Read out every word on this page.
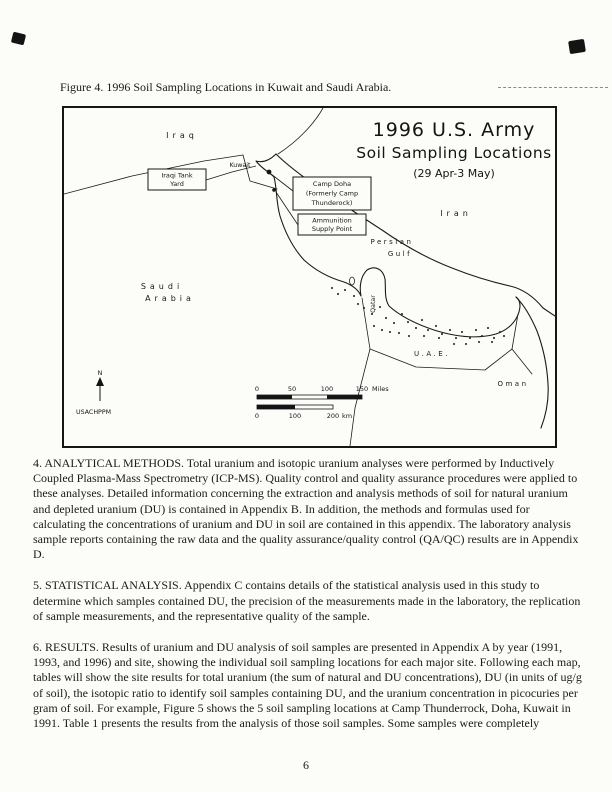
Figure 4. 1996 Soil Sampling Locations in Kuwait and Saudi Arabia.
Iraqi Tank
Yard	Camp Doha
(Formerly Camp
Thunderock)
Ammunition
Supply Point
1996 U.S. Army
Soil Sampling Locations
(29 Apr-3 May)
Iraq
Iran
Kuwait
Saudi
Arabia
Persian
Gulf
Qatar
U.A.E.
Oman
N
USACHPPM
0	50	100	150 Miles
0	100	200 km

4. ANALYTICAL METHODS. Total uranium and isotopic uranium analyses were performed by Inductively Coupled Plasma-Mass Spectrometry (ICP-MS). Quality control and quality assurance procedures were applied to these analyses. Detailed information concerning the extraction and analysis methods of soil for natural uranium and depleted uranium (DU) is contained in Appendix B. In addition, the methods and formulas used for calculating the concentrations of uranium and DU in soil are contained in this appendix. The laboratory analysis sample reports containing the raw data and the quality assurance/quality control (QA/QC) results are in Appendix D.

5. STATISTICAL ANALYSIS. Appendix C contains details of the statistical analysis used in this study to determine which samples contained DU, the precision of the measurements made in the laboratory, the replication of sample measurements, and the representative quality of the sample.

6. RESULTS. Results of uranium and DU analysis of soil samples are presented in Appendix A by year (1991, 1993, and 1996) and site, showing the individual soil sampling locations for each major site. Following each map, tables will show the site results for total uranium (the sum of natural and DU concentrations), DU (in units of ug/g of soil), the isotopic ratio to identify soil samples containing DU, and the uranium concentration in picocuries per gram of soil. For example, Figure 5 shows the 5 soil sampling locations at Camp Thunderrock, Doha, Kuwait in 1991. Table 1 presents the results from the analysis of those soil samples. Some samples were completely

6
